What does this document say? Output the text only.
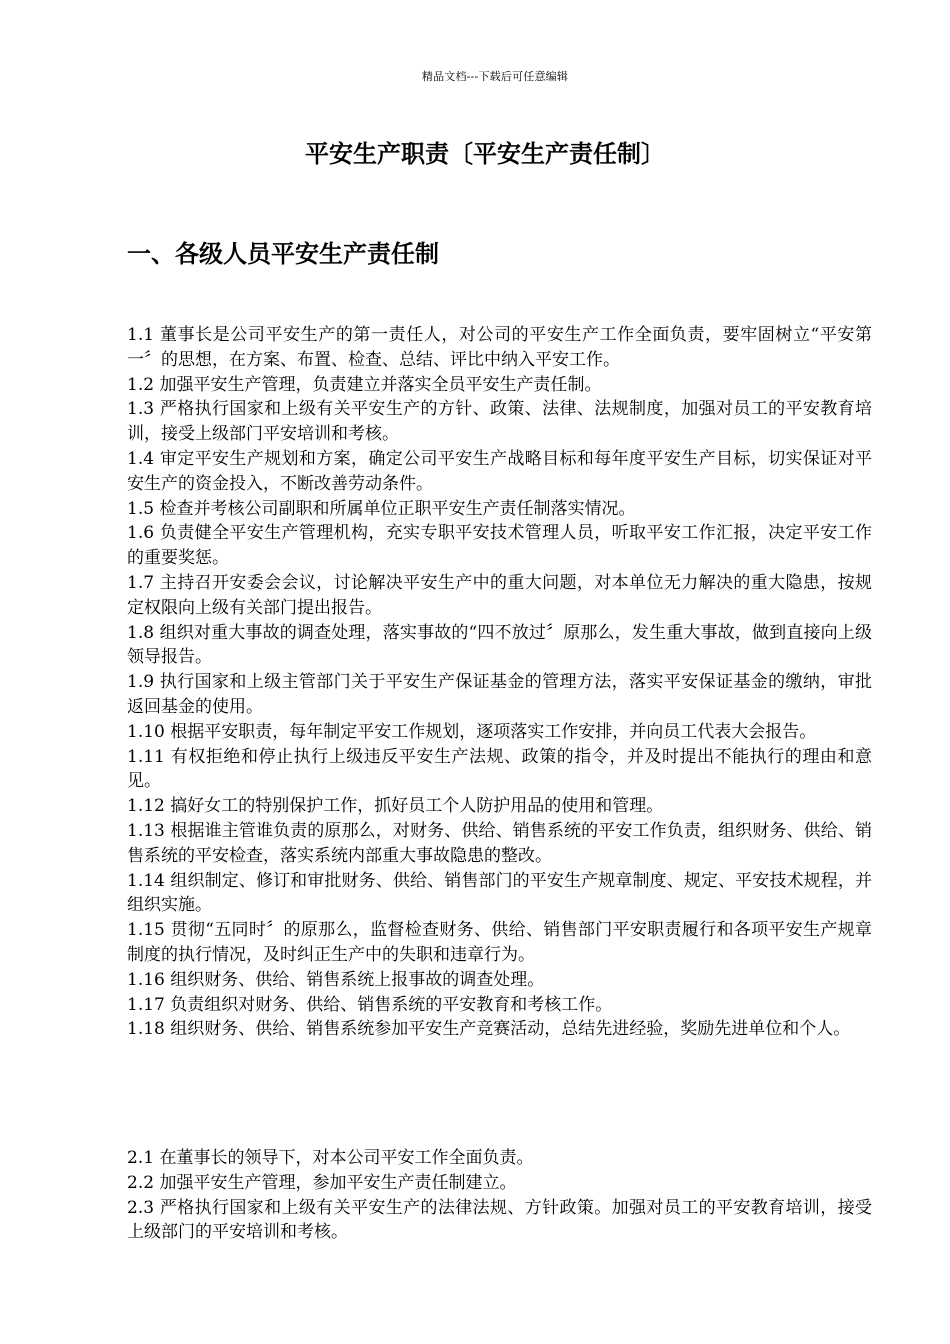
精品文档---下载后可任意编辑
平安生产职责〔平安生产责任制〕
一、各级人员平安生产责任制
1.1 董事长是公司平安生产的第一责任人，对公司的平安生产工作全面负责，要牢固树立“平安第一〞的思想，在方案、布置、检查、总结、评比中纳入平安工作。
1.2 加强平安生产管理，负责建立并落实全员平安生产责任制。
1.3 严格执行国家和上级有关平安生产的方针、政策、法律、法规制度，加强对员工的平安教育培训，接受上级部门平安培训和考核。
1.4 审定平安生产规划和方案，确定公司平安生产战略目标和每年度平安生产目标，切实保证对平安生产的资金投入，不断改善劳动条件。
1.5 检查并考核公司副职和所属单位正职平安生产责任制落实情况。
1.6 负责健全平安生产管理机构，充实专职平安技术管理人员，听取平安工作汇报，决定平安工作的重要奖惩。
1.7 主持召开安委会会议，讨论解决平安生产中的重大问题，对本单位无力解决的重大隐患，按规定权限向上级有关部门提出报告。
1.8 组织对重大事故的调查处理，落实事故的“四不放过〞原那么，发生重大事故，做到直接向上级领导报告。
1.9 执行国家和上级主管部门关于平安生产保证基金的管理方法，落实平安保证基金的缴纳，审批返回基金的使用。
1.10 根据平安职责，每年制定平安工作规划，逐项落实工作安排，并向员工代表大会报告。
1.11 有权拒绝和停止执行上级违反平安生产法规、政策的指令，并及时提出不能执行的理由和意见。
1.12 搞好女工的特别保护工作，抓好员工个人防护用品的使用和管理。
1.13 根据谁主管谁负责的原那么，对财务、供给、销售系统的平安工作负责，组织财务、供给、销售系统的平安检查，落实系统内部重大事故隐患的整改。
1.14 组织制定、修订和审批财务、供给、销售部门的平安生产规章制度、规定、平安技术规程，并组织实施。
1.15 贯彻“五同时〞的原那么，监督检查财务、供给、销售部门平安职责履行和各项平安生产规章制度的执行情况，及时纠正生产中的失职和违章行为。
1.16 组织财务、供给、销售系统上报事故的调查处理。
1.17 负责组织对财务、供给、销售系统的平安教育和考核工作。
1.18 组织财务、供给、销售系统参加平安生产竞赛活动，总结先进经验，奖励先进单位和个人。
2.1 在董事长的领导下，对本公司平安工作全面负责。
2.2 加强平安生产管理，参加平安生产责任制建立。
2.3 严格执行国家和上级有关平安生产的法律法规、方针政策。加强对员工的平安教育培训，接受上级部门的平安培训和考核。
